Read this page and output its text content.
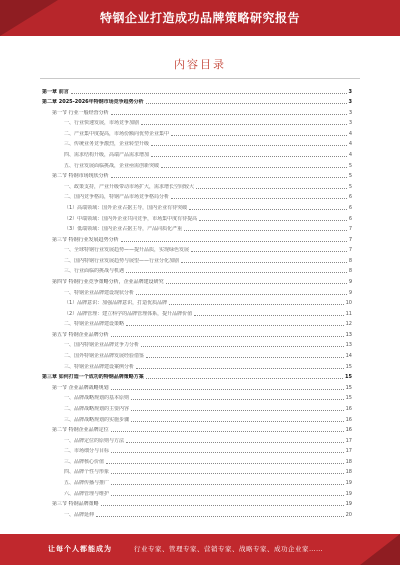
特钢企业打造成功品牌策略研究报告
内容目录
第一章 前言	3
第二章 2025-2026年特钢市场竞争趋势分析	3
第一节 行业一般经营分析	3
一、行业快速发展，市场竞争加剧	3
二、产业集中度提高，市场份额向优势企业集中	4
三、传统业务竞争激烈，企业转型升级	4
四、需求结构升级，高端产品需求增加	4
五、行业发展面临挑战，企业亟需创新突破	5
第二节 特钢市场现状分析	5
一、政策支持，产业升级带动市场扩大，需求增长空间较大	5
二、国内竞争格局，特钢产品市场竞争格局分析	6
（1）高端领域：国外企业占据主导，国内企业有待突破	6
（2）中端领域：国内外企业共同竞争，市场集中度有待提高	6
（3）低端领域：国内企业占据主导，产品同质化严重	7
第三节 特钢行业发展趋势分析	7
一、全球特钢行业发展趋势——提升品质，实现绿色发展	7
二、国内特钢行业发展趋势与展望——行业分化加剧	8
三、行业面临的挑战与机遇	8
第四节 特钢行业竞争策略分析，企业品牌建设研究	9
一、特钢企业品牌建设现状分析	9
（1）品牌意识：加强品牌意识，打造优质品牌	10
（2）品牌管理：建立科学的品牌管理体系，提升品牌价值	11
二、特钢企业品牌建设策略	12
第五节 特钢企业品牌分析	13
一、国内特钢企业品牌竞争力分析	13
二、国外特钢企业品牌发展经验借鉴	14
三、特钢企业品牌建设案例分析	15
第三章 如何打造一个成功的特钢品牌策略方案	15
第一节 企业品牌战略规划	15
一、品牌战略规划的基本原则	15
二、品牌战略规划的主要内容	16
三、品牌战略规划的实施步骤	16
第二节 特钢企业品牌定位	16
一、品牌定位的原则与方法	17
二、市场细分与目标	17
三、品牌核心价值	18
四、品牌个性与形象	18
五、品牌传播与推广	19
六、品牌管理与维护	19
第三节 特钢品牌策略	19
一、品牌延伸	20
让每个人都能成为	行业专家、管理专家、营销专家、战略专家、成功企业家……
